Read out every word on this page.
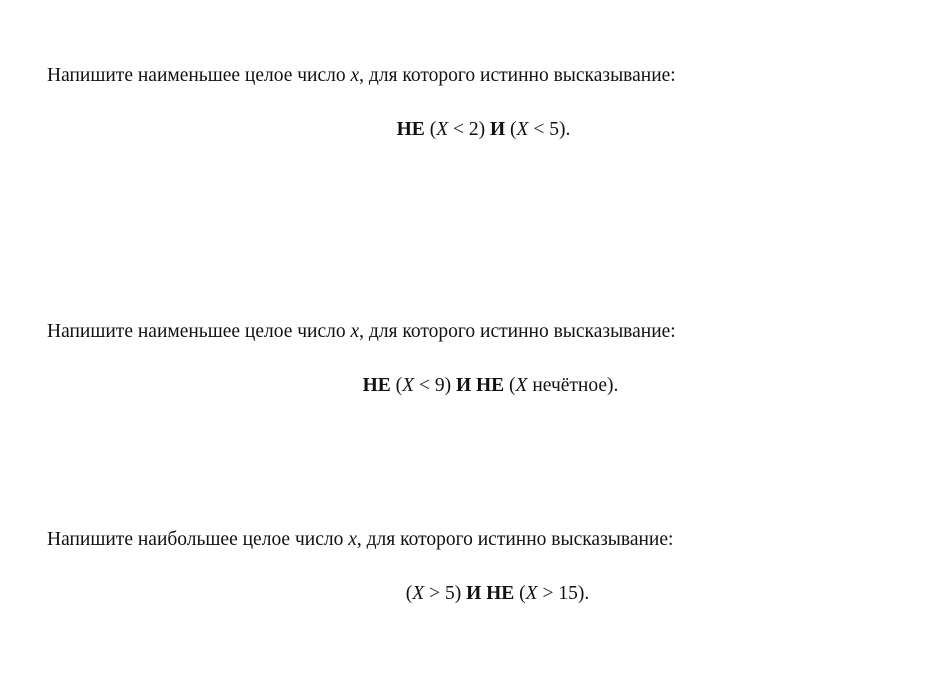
Напишите наименьшее целое число x, для которого истинно высказывание:
НЕ (X < 2) И (X < 5).
Напишите наименьшее целое число x, для которого истинно высказывание:
НЕ (X < 9) И НЕ (X нечётное).
Напишите наибольшее целое число x, для которого истинно высказывание:
(X > 5) И НЕ (X > 15).
